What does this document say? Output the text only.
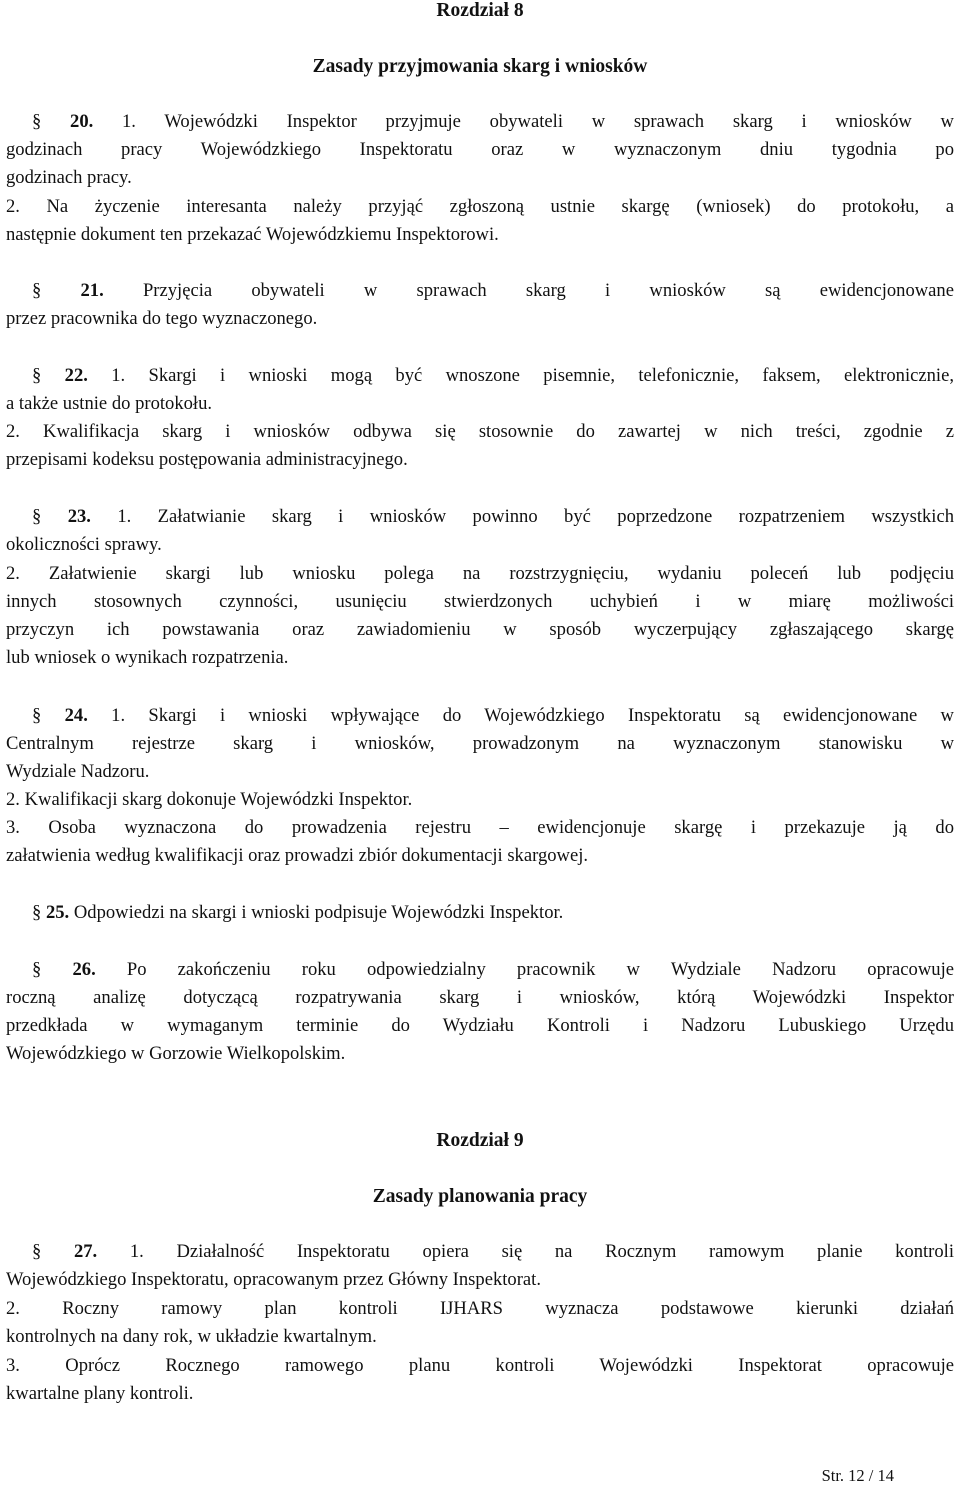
Rozdział 8
Zasady przyjmowania skarg i wniosków
§ 20. 1. Wojewódzki Inspektor przyjmuje obywateli w sprawach skarg i wniosków w
godzinach pracy Wojewódzkiego Inspektoratu oraz w wyznaczonym dniu tygodnia po
godzinach pracy.
2. Na życzenie interesanta należy przyjąć zgłoszoną ustnie skargę (wniosek) do protokołu, a
następnie dokument ten przekazać Wojewódzkiemu Inspektorowi.
§ 21. Przyjęcia obywateli w sprawach skarg i wniosków są ewidencjonowane
przez pracownika do tego wyznaczonego.
§ 22. 1. Skargi i wnioski mogą być wnoszone pisemnie, telefonicznie, faksem, elektronicznie,
a także ustnie do protokołu.
2. Kwalifikacja skarg i wniosków odbywa się stosownie do zawartej w nich treści, zgodnie z
przepisami kodeksu postępowania administracyjnego.
§ 23. 1. Załatwianie skarg i wniosków powinno być poprzedzone rozpatrzeniem wszystkich
okoliczności sprawy.
2. Załatwienie skargi lub wniosku polega na rozstrzygnięciu, wydaniu poleceń lub podjęciu
innych stosownych czynności, usunięciu stwierdzonych uchybień i w miarę możliwości
przyczyn ich powstawania oraz zawiadomieniu w sposób wyczerpujący zgłaszającego skargę
lub wniosek o wynikach rozpatrzenia.
§ 24. 1. Skargi i wnioski wpływające do Wojewódzkiego Inspektoratu są ewidencjonowane w
Centralnym rejestrze skarg i wniosków, prowadzonym na wyznaczonym stanowisku w
Wydziale Nadzoru.
2. Kwalifikacji skarg dokonuje Wojewódzki Inspektor.
3. Osoba wyznaczona do prowadzenia rejestru – ewidencjonuje skargę i przekazuje ją do
załatwienia według kwalifikacji oraz prowadzi zbiór dokumentacji skargowej.
§ 25. Odpowiedzi na skargi i wnioski podpisuje Wojewódzki Inspektor.
§ 26. Po zakończeniu roku odpowiedzialny pracownik w Wydziale Nadzoru opracowuje
roczną analizę dotyczącą rozpatrywania skarg i wniosków, którą Wojewódzki Inspektor
przedkłada w wymaganym terminie do Wydziału Kontroli i Nadzoru Lubuskiego Urzędu
Wojewódzkiego w Gorzowie Wielkopolskim.
Rozdział 9
Zasady planowania pracy
§ 27. 1. Działalność Inspektoratu opiera się na Rocznym ramowym planie kontroli
Wojewódzkiego Inspektoratu, opracowanym przez Główny Inspektorat.
2. Roczny ramowy plan kontroli IJHARS wyznacza podstawowe kierunki działań
kontrolnych na dany rok, w układzie kwartalnym.
3. Oprócz Rocznego ramowego planu kontroli Wojewódzki Inspektorat opracowuje
kwartalne plany kontroli.
Str. 12 / 14
